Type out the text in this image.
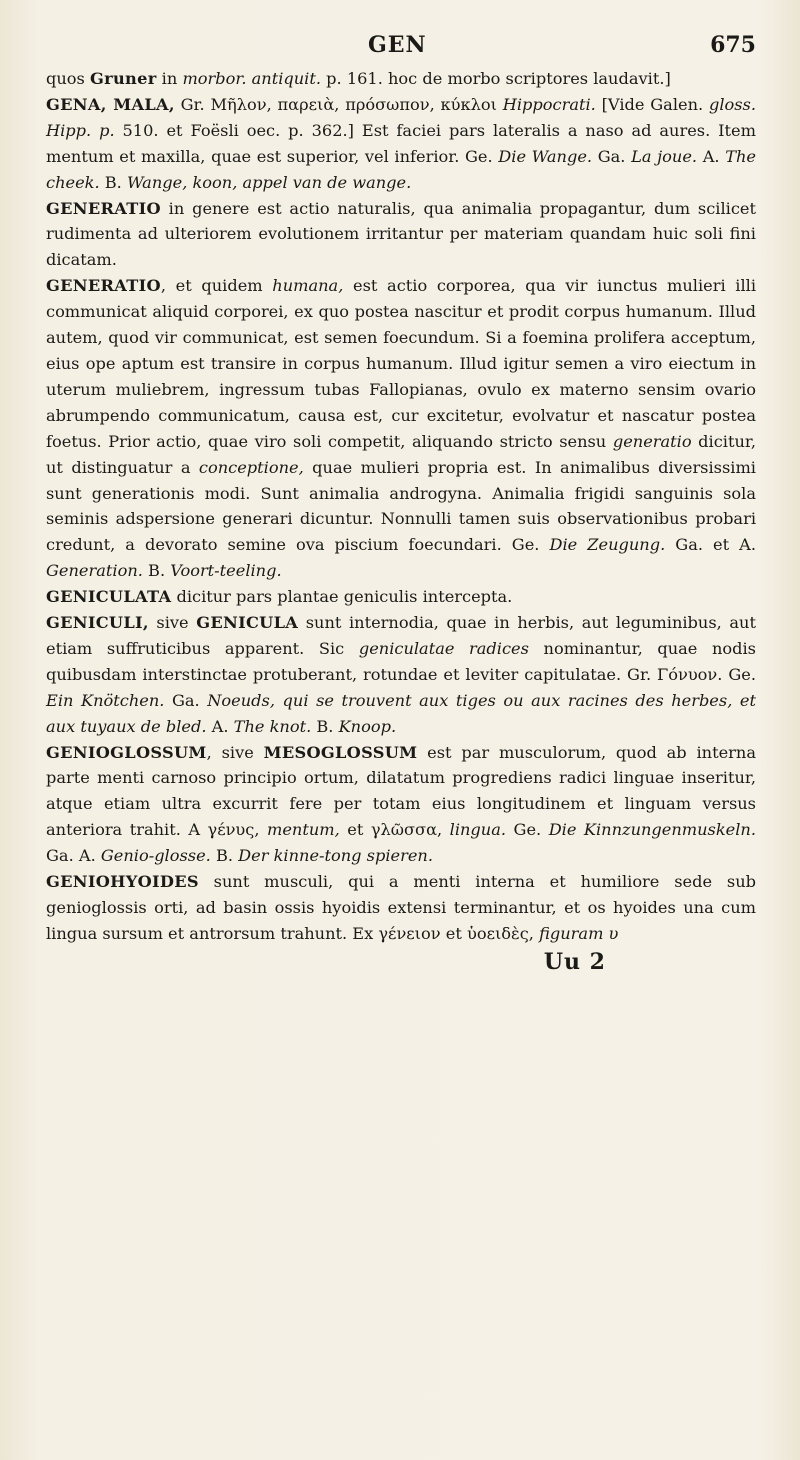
GEN	675

quos Gruner in morbor. antiquit. p. 161. hoc de morbo scriptores laudavit.]

GENA, MALA, Gr. Μῆλον, παρειὰ, πρόσωπον, κύκλοι Hippocrati. [Vide Galen. gloss. Hipp. p. 510. et Foësli oec. p. 362.] Est faciei pars lateralis a naso ad aures. Item mentum et maxilla, quae est superior, vel inferior. Ge. Die Wange. Ga. La joue. A. The cheek. B. Wange, koon, appel van de wange.

GENERATIO in genere est actio naturalis, qua animalia propagantur, dum scilicet rudimenta ad ulteriorem evolutionem irritantur per materiam quandam huic soli fini dicatam.

GENERATIO, et quidem humana, est actio corporea, qua vir iunctus mulieri illi communicat aliquid corporei, ex quo postea nascitur et prodit corpus humanum. Illud autem, quod vir communicat, est semen foecundum. Si a foemina prolifera acceptum, eius ope aptum est transire in corpus humanum. Illud igitur semen a viro eiectum in uterum muliebrem, ingressum tubas Fallopianas, ovulo ex materno sensim ovario abrumpendo communicatum, causa est, cur excitetur, evolvatur et nascatur postea foetus. Prior actio, quae viro soli competit, aliquando stricto sensu generatio dicitur, ut distinguatur a conceptione, quae mulieri propria est. In animalibus diversissimi sunt generationis modi. Sunt animalia androgyna. Animalia frigidi sanguinis sola seminis adspersione generari dicuntur. Nonnulli tamen suis observationibus probari credunt, a devorato semine ova piscium foecundari. Ge. Die Zeugung. Ga. et A. Generation. B. Voort-teeling.

GENICULATA dicitur pars plantae geniculis intercepta.

GENICULI, sive GENICULA sunt internodia, quae in herbis, aut leguminibus, aut etiam suffruticibus apparent. Sic geniculatae radices nominantur, quae nodis quibusdam interstinctae protuberant, rotundae et leviter capitulatae. Gr. Γόνυον. Ge. Ein Knötchen. Ga. Noeuds, qui se trouvent aux tiges ou aux racines des herbes, et aux tuyaux de bled. A. The knot. B. Knoop.

GENIOGLOSSUM, sive MESOGLOSSUM est par musculorum, quod ab interna parte menti carnoso principio ortum, dilatatum progrediens radici linguae inseritur, atque etiam ultra excurrit fere per totam eius longitudinem et linguam versus anteriora trahit. A γένυς, mentum, et γλῶσσα, lingua. Ge. Die Kinnzungenmuskeln. Ga. A. Genio-glosse. B. Der kinne-tong spieren.

GENIOHYOIDES sunt musculi, qui a menti interna et humiliore sede sub genioglossis orti, ad basin ossis hyoidis extensi terminantur, et os hyoides una cum lingua sursum et antrorsum trahunt. Ex γένειον et ὑοειδὲς, figuram υ

Uu 2
